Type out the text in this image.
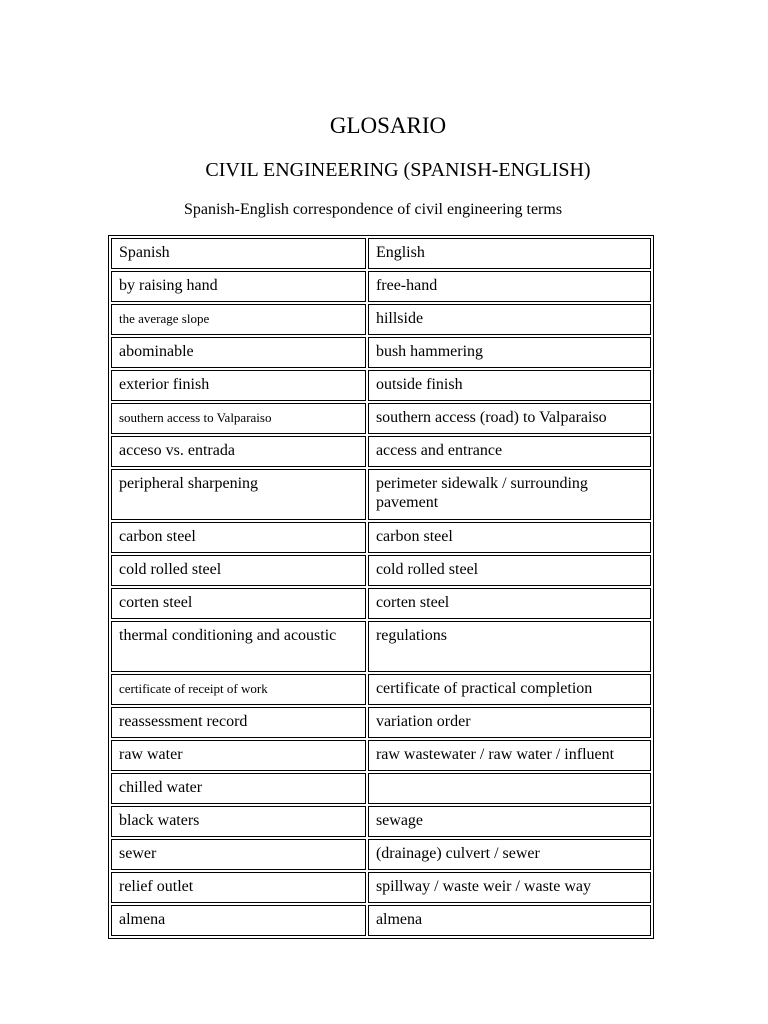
GLOSARIO
CIVIL ENGINEERING (SPANISH-ENGLISH)
Spanish-English correspondence of civil engineering terms
Spanish	English
by raising hand	free-hand
the average slope	hillside
abominable	bush hammering
exterior finish	outside finish
southern access to Valparaiso	southern access (road) to Valparaiso
acceso vs. entrada	access and entrance
peripheral sharpening	perimeter sidewalk / surrounding pavement
carbon steel	carbon steel
cold rolled steel	cold rolled steel
corten steel	corten steel
thermal conditioning and acoustic	regulations
certificate of receipt of work	certificate of practical completion
reassessment record	variation order
raw water	raw wastewater / raw water / influent
chilled water	
black waters	sewage
sewer	(drainage) culvert / sewer
relief outlet	spillway / waste weir / waste way
almena	almena
